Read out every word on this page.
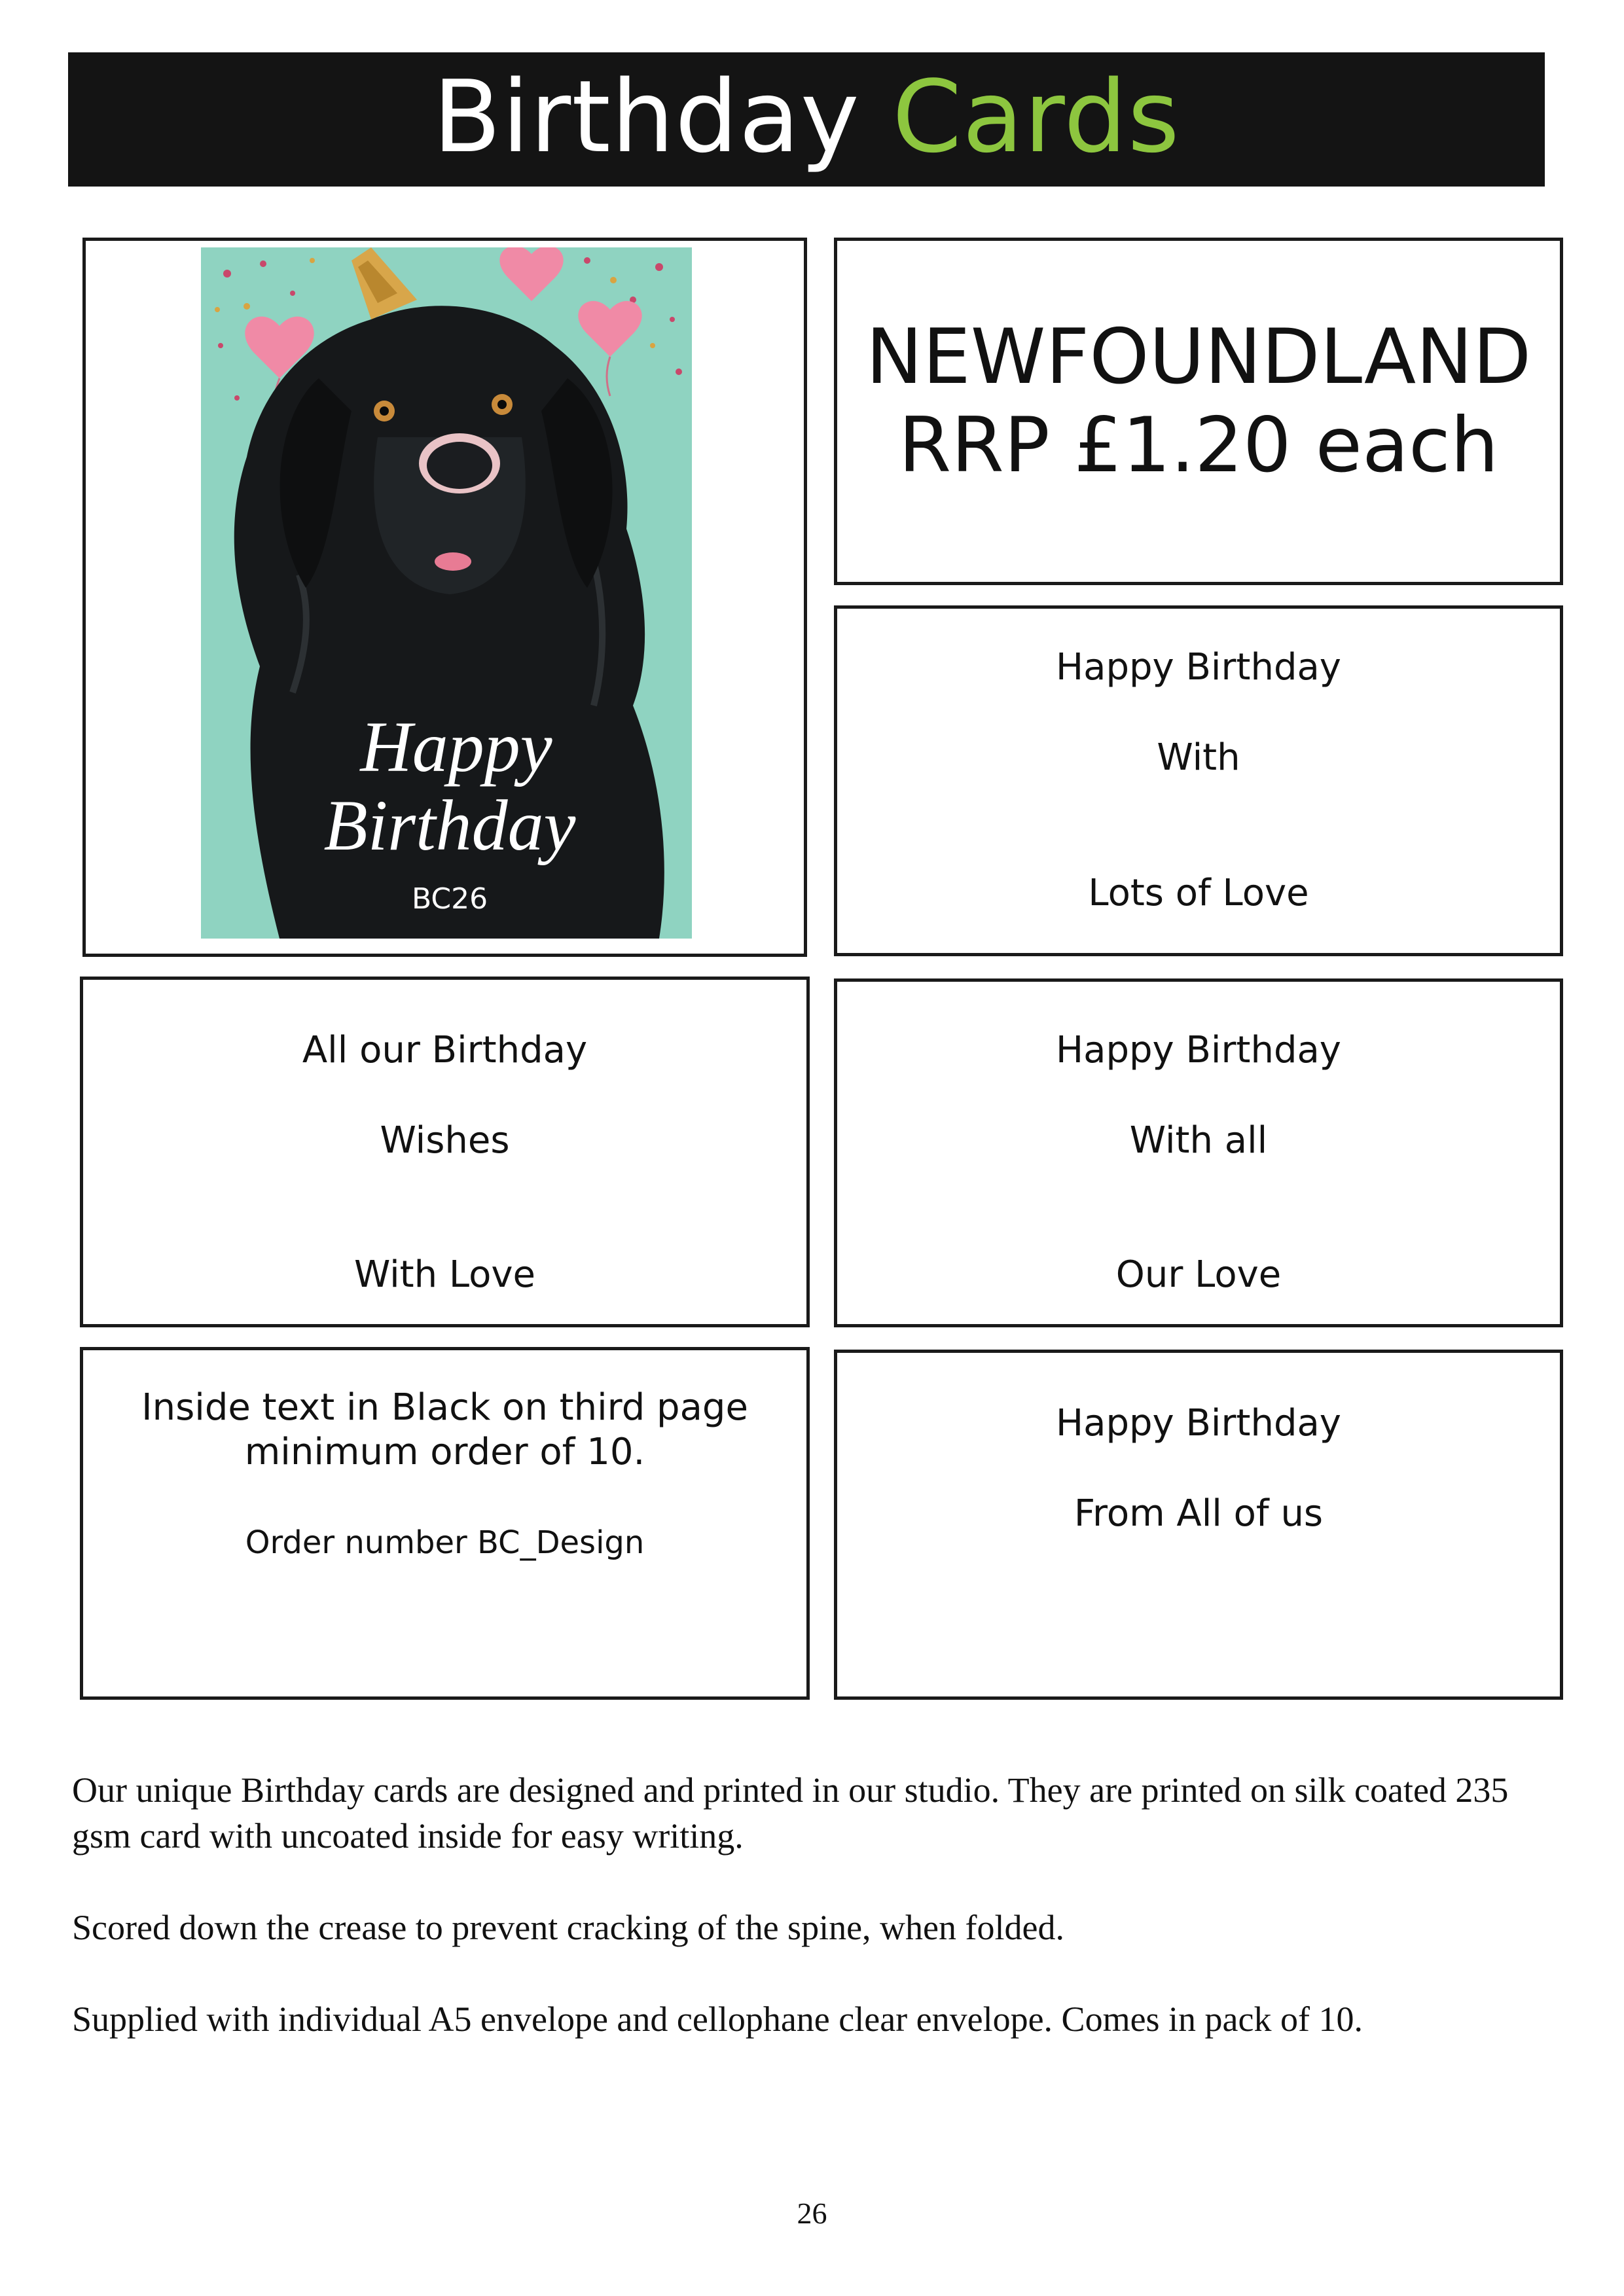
Birthday Cards
Happy
Birthday
BC26
NEWFOUNDLAND
RRP £1.20 each
Happy Birthday
With
Lots of Love
All our Birthday
Wishes
With Love
Happy Birthday
With all
Our Love
Inside text in Black on third page
minimum order of 10.
Order number BC_Design
Happy Birthday
From All of us
Our unique Birthday cards are designed and printed in our studio. They are printed on silk coated 235 gsm card with uncoated inside for easy writing.
Scored down the crease to prevent cracking of the spine, when folded.
Supplied with individual A5 envelope and cellophane clear envelope. Comes in pack of 10.
26
